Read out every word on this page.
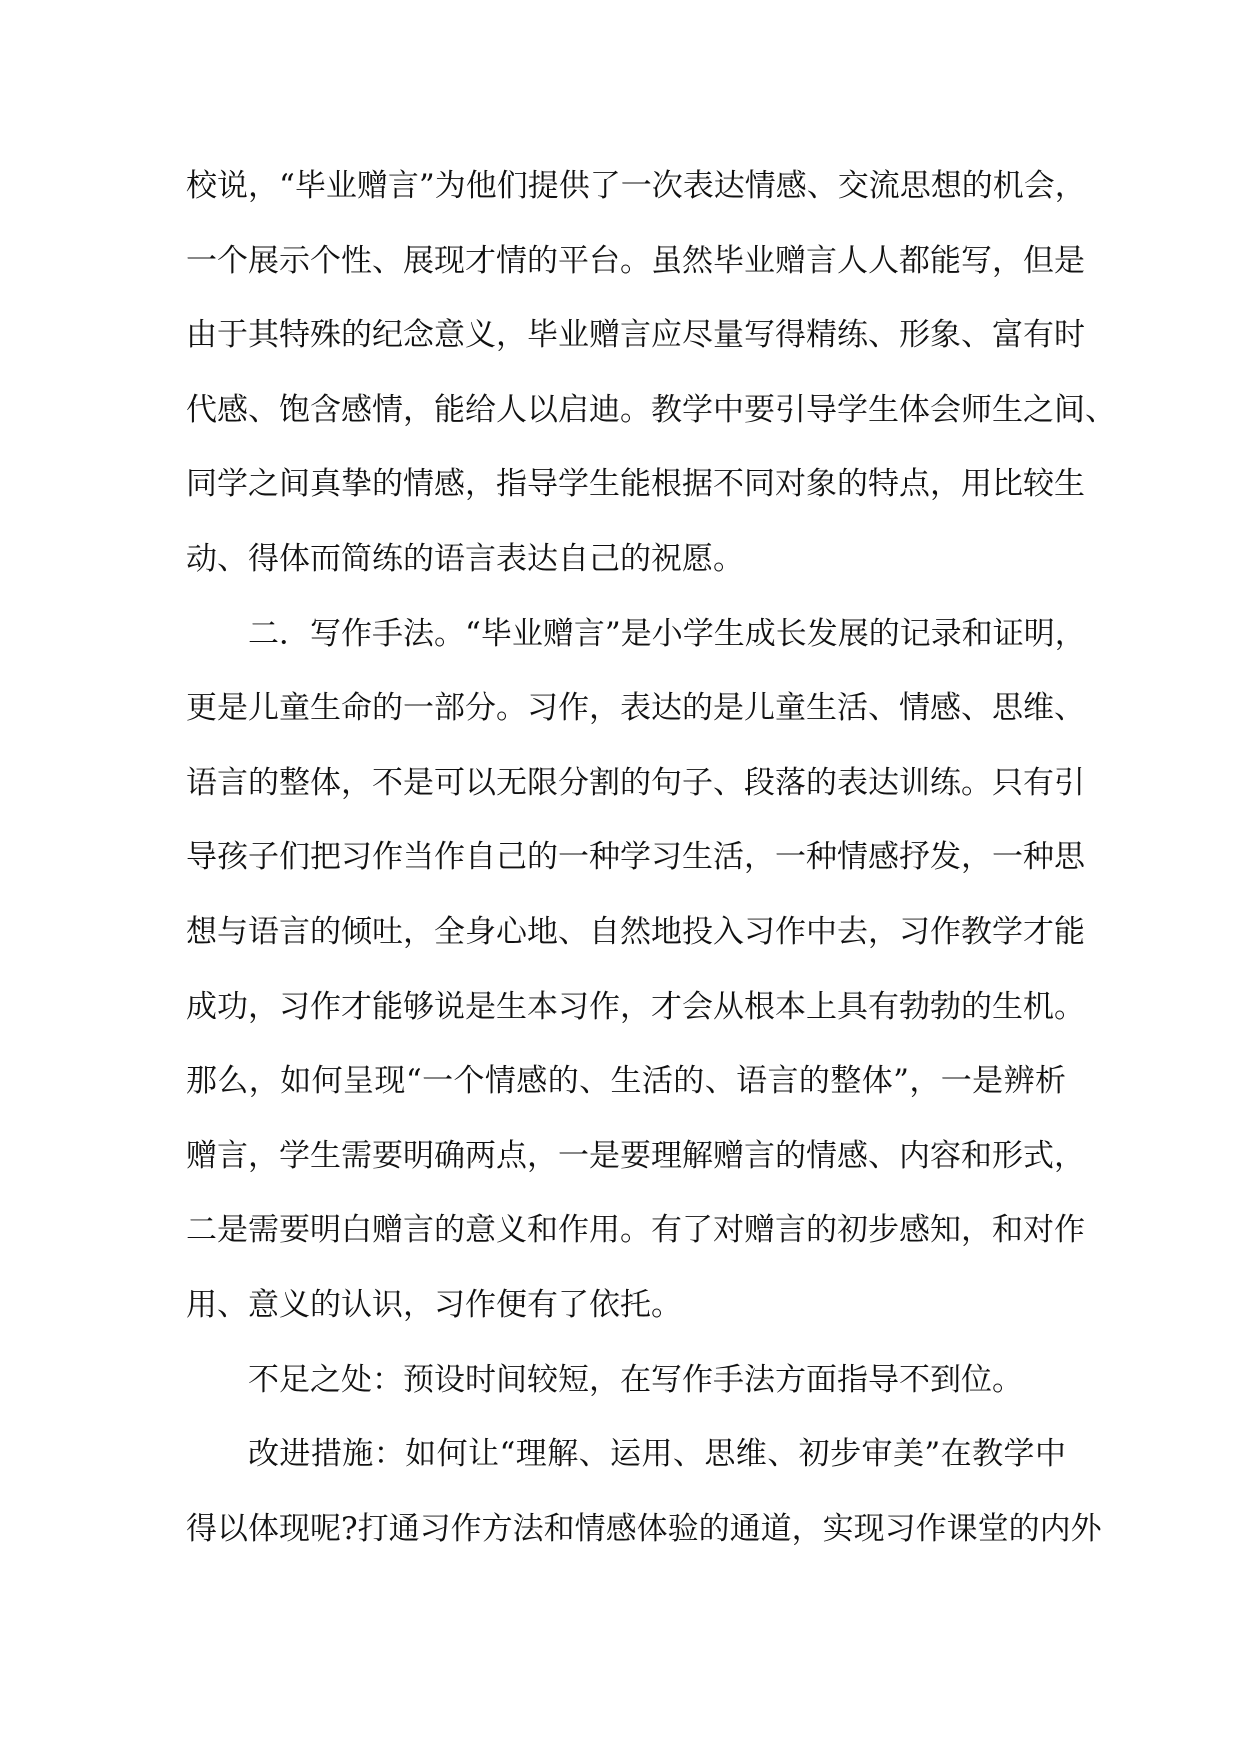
校说，“毕业赠言”为他们提供了一次表达情感、交流思想的机会，
一个展示个性、展现才情的平台。虽然毕业赠言人人都能写，但是
由于其特殊的纪念意义，毕业赠言应尽量写得精练、形象、富有时
代感、饱含感情，能给人以启迪。教学中要引导学生体会师生之间、
同学之间真挚的情感，指导学生能根据不同对象的特点，用比较生
动、得体而简练的语言表达自己的祝愿。
二．写作手法。“毕业赠言”是小学生成长发展的记录和证明，
更是儿童生命的一部分。习作，表达的是儿童生活、情感、思维、
语言的整体，不是可以无限分割的句子、段落的表达训练。只有引
导孩子们把习作当作自己的一种学习生活，一种情感抒发，一种思
想与语言的倾吐，全身心地、自然地投入习作中去，习作教学才能
成功，习作才能够说是生本习作，才会从根本上具有勃勃的生机。
那么，如何呈现“一个情感的、生活的、语言的整体”，一是辨析
赠言，学生需要明确两点，一是要理解赠言的情感、内容和形式，
二是需要明白赠言的意义和作用。有了对赠言的初步感知，和对作
用、意义的认识，习作便有了依托。
不足之处：预设时间较短，在写作手法方面指导不到位。
改进措施：如何让“理解、运用、思维、初步审美”在教学中
得以体现呢?打通习作方法和情感体验的通道，实现习作课堂的内外
